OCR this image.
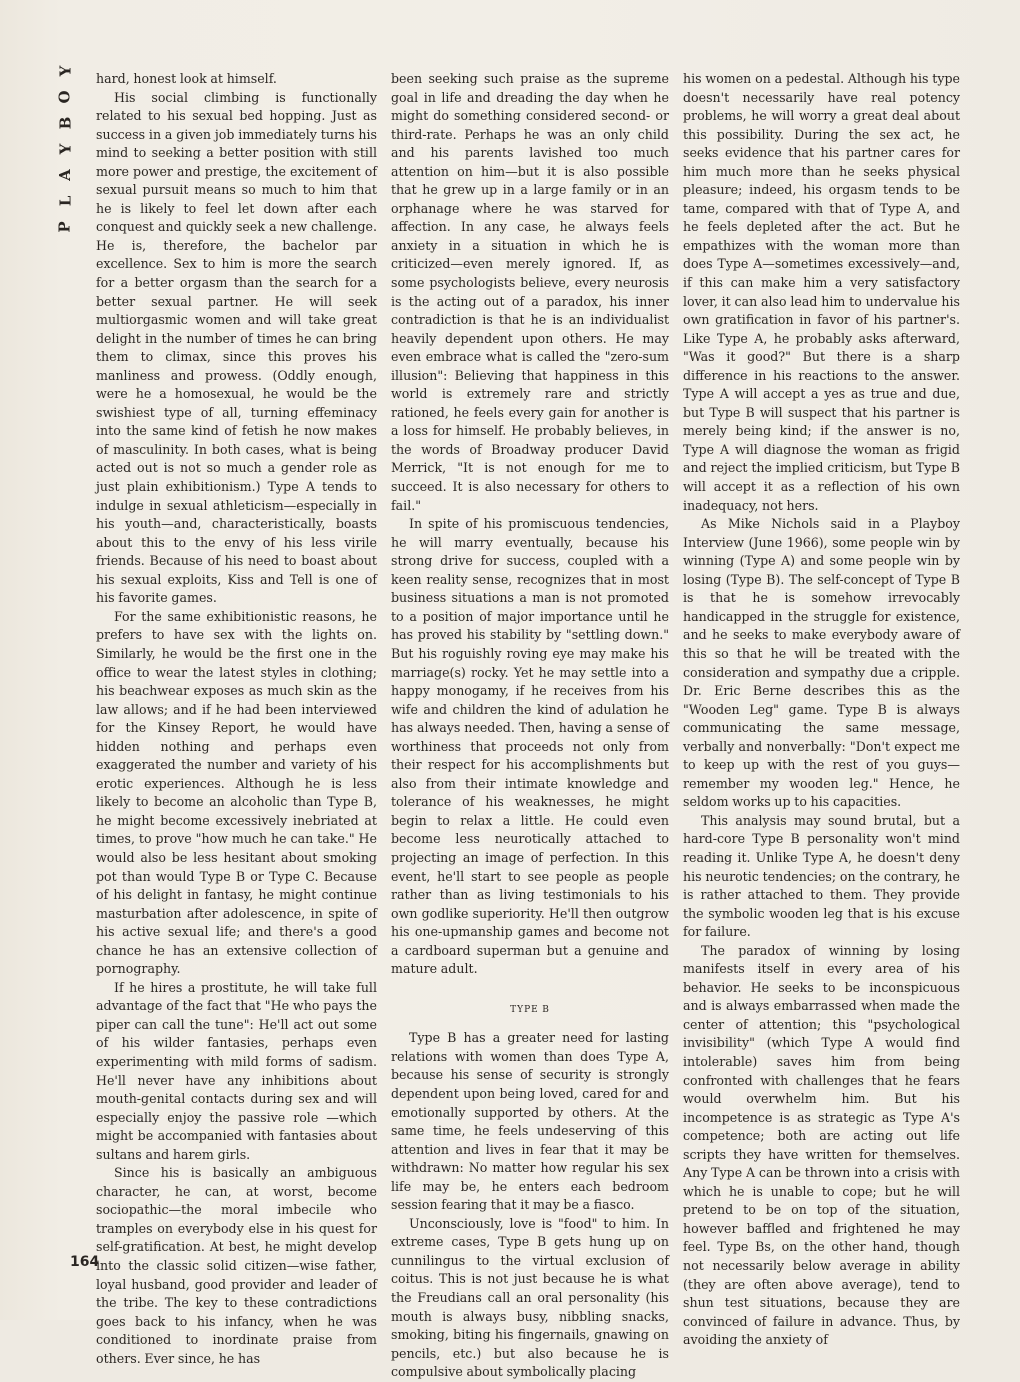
Y
O
B
Y
A
L
P
164

hard, honest look at himself.

His social climbing is functionally related to his sexual bed hopping. Just as success in a given job immediately turns his mind to seeking a better position with still more power and prestige, the excitement of sexual pursuit means so much to him that he is likely to feel let down after each conquest and quickly seek a new challenge. He is, therefore, the bachelor par excellence. Sex to him is more the search for a better orgasm than the search for a better sexual partner. He will seek multiorgasmic women and will take great delight in the number of times he can bring them to climax, since this proves his manliness and prowess. (Oddly enough, were he a homosexual, he would be the swishiest type of all, turning effeminacy into the same kind of fetish he now makes of masculinity. In both cases, what is being acted out is not so much a gender role as just plain exhibitionism.) Type A tends to indulge in sexual athleticism—especially in his youth—and, characteristically, boasts about this to the envy of his less virile friends. Because of his need to boast about his sexual exploits, Kiss and Tell is one of his favorite games.

For the same exhibitionistic reasons, he prefers to have sex with the lights on. Similarly, he would be the first one in the office to wear the latest styles in clothing; his beachwear exposes as much skin as the law allows; and if he had been interviewed for the Kinsey Report, he would have hidden nothing and perhaps even exaggerated the number and variety of his erotic experiences. Although he is less likely to become an alcoholic than Type B, he might become excessively inebriated at times, to prove "how much he can take." He would also be less hesitant about smoking pot than would Type B or Type C. Because of his delight in fantasy, he might continue masturbation after adolescence, in spite of his active sexual life; and there's a good chance he has an extensive collection of pornography.

If he hires a prostitute, he will take full advantage of the fact that "He who pays the piper can call the tune": He'll act out some of his wilder fantasies, perhaps even experimenting with mild forms of sadism. He'll never have any inhibitions about mouth-genital contacts during sex and will especially enjoy the passive role —which might be accompanied with fantasies about sultans and harem girls.

Since his is basically an ambiguous character, he can, at worst, become sociopathic—the moral imbecile who tramples on everybody else in his quest for self-gratification. At best, he might develop into the classic solid citizen—wise father, loyal husband, good provider and leader of the tribe. The key to these contradictions goes back to his infancy, when he was conditioned to inordinate praise from others. Ever since, he has

been seeking such praise as the supreme goal in life and dreading the day when he might do something considered second- or third-rate. Perhaps he was an only child and his parents lavished too much attention on him—but it is also possible that he grew up in a large family or in an orphanage where he was starved for affection. In any case, he always feels anxiety in a situation in which he is criticized—even merely ignored. If, as some psychologists believe, every neurosis is the acting out of a paradox, his inner contradiction is that he is an individualist heavily dependent upon others. He may even embrace what is called the "zero-sum illusion": Believing that happiness in this world is extremely rare and strictly rationed, he feels every gain for another is a loss for himself. He probably believes, in the words of Broadway producer David Merrick, "It is not enough for me to succeed. It is also necessary for others to fail."

In spite of his promiscuous tendencies, he will marry eventually, because his strong drive for success, coupled with a keen reality sense, recognizes that in most business situations a man is not promoted to a position of major importance until he has proved his stability by "settling down." But his roguishly roving eye may make his marriage(s) rocky. Yet he may settle into a happy monogamy, if he receives from his wife and children the kind of adulation he has always needed. Then, having a sense of worthiness that proceeds not only from their respect for his accomplishments but also from their intimate knowledge and tolerance of his weaknesses, he might begin to relax a little. He could even become less neurotically attached to projecting an image of perfection. In this event, he'll start to see people as people rather than as living testimonials to his own godlike superiority. He'll then outgrow his one-upmanship games and become not a cardboard superman but a genuine and mature adult.

TYPE B

Type B has a greater need for lasting relations with women than does Type A, because his sense of security is strongly dependent upon being loved, cared for and emotionally supported by others. At the same time, he feels undeserving of this attention and lives in fear that it may be withdrawn: No matter how regular his sex life may be, he enters each bedroom session fearing that it may be a fiasco.

Unconsciously, love is "food" to him. In extreme cases, Type B gets hung up on cunnilingus to the virtual exclusion of coitus. This is not just because he is what the Freudians call an oral personality (his mouth is always busy, nibbling snacks, smoking, biting his fingernails, gnawing on pencils, etc.) but also because he is compulsive about symbolically placing

his women on a pedestal. Although his type doesn't necessarily have real potency problems, he will worry a great deal about this possibility. During the sex act, he seeks evidence that his partner cares for him much more than he seeks physical pleasure; indeed, his orgasm tends to be tame, compared with that of Type A, and he feels depleted after the act. But he empathizes with the woman more than does Type A—sometimes excessively—and, if this can make him a very satisfactory lover, it can also lead him to undervalue his own gratification in favor of his partner's. Like Type A, he probably asks afterward, "Was it good?" But there is a sharp difference in his reactions to the answer. Type A will accept a yes as true and due, but Type B will suspect that his partner is merely being kind; if the answer is no, Type A will diagnose the woman as frigid and reject the implied criticism, but Type B will accept it as a reflection of his own inadequacy, not hers.

As Mike Nichols said in a Playboy Interview (June 1966), some people win by winning (Type A) and some people win by losing (Type B). The self-concept of Type B is that he is somehow irrevocably handicapped in the struggle for existence, and he seeks to make everybody aware of this so that he will be treated with the consideration and sympathy due a cripple. Dr. Eric Berne describes this as the "Wooden Leg" game. Type B is always communicating the same message, verbally and nonverbally: "Don't expect me to keep up with the rest of you guys—remember my wooden leg." Hence, he seldom works up to his capacities.

This analysis may sound brutal, but a hard-core Type B personality won't mind reading it. Unlike Type A, he doesn't deny his neurotic tendencies; on the contrary, he is rather attached to them. They provide the symbolic wooden leg that is his excuse for failure.

The paradox of winning by losing manifests itself in every area of his behavior. He seeks to be inconspicuous and is always embarrassed when made the center of attention; this "psychological invisibility" (which Type A would find intolerable) saves him from being confronted with challenges that he fears would overwhelm him. But his incompetence is as strategic as Type A's competence; both are acting out life scripts they have written for themselves. Any Type A can be thrown into a crisis with which he is unable to cope; but he will pretend to be on top of the situation, however baffled and frightened he may feel. Type Bs, on the other hand, though not necessarily below average in ability (they are often above average), tend to shun test situations, because they are convinced of failure in advance. Thus, by avoiding the anxiety of
